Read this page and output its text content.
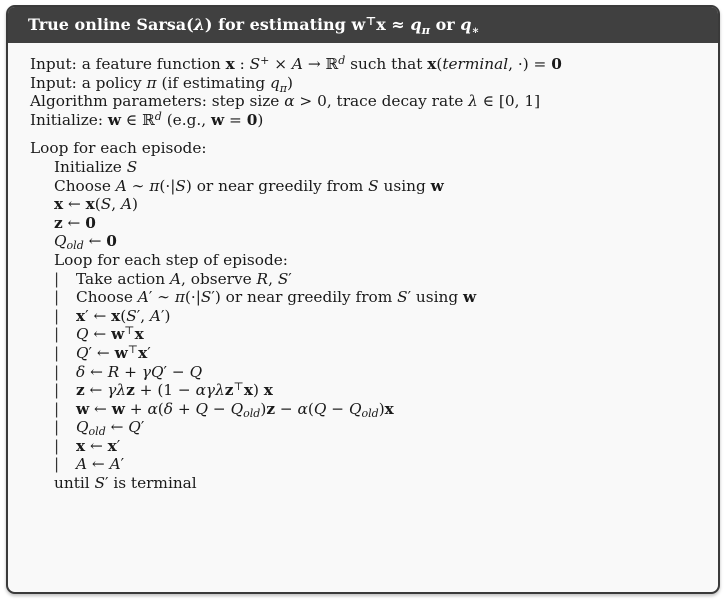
True online Sarsa(λ) for estimating $w^⊤x \approx q_\pi$ or $q_∗$
Input: a feature function x : S+ × A → ℝ$^d$ such that x(terminal, ·) = 0
Input: a policy π (if estimating $q_\pi$)
Algorithm parameters: step size α > 0, trace decay rate λ ∈ [0, 1]
Initialize: w ∈ ℝ$^d$ (e.g., w = 0)
Loop for each episode:
Initialize S
Choose A ∼ π(·|S) or near greedily from S using w
x ← x(S, A)
z ← 0
Qold ← 0
Loop for each step of episode:
| Take action A, observe R, S′
| Choose A′ ∼ π(·|S′) or near greedily from S′ using w
| x′ ← x(S′, A′)
| Q ← w⊤x
| Q′ ← w⊤x′
| δ ← R + γQ′ − Q
| z ← γλz + (1 − αγλz⊤x) x
| w ← w + α(δ + Q − Qold)z − α(Q − Qold)x
| Qold ← Q′
| x ← x′
| A ← A′
until S′ is terminal
